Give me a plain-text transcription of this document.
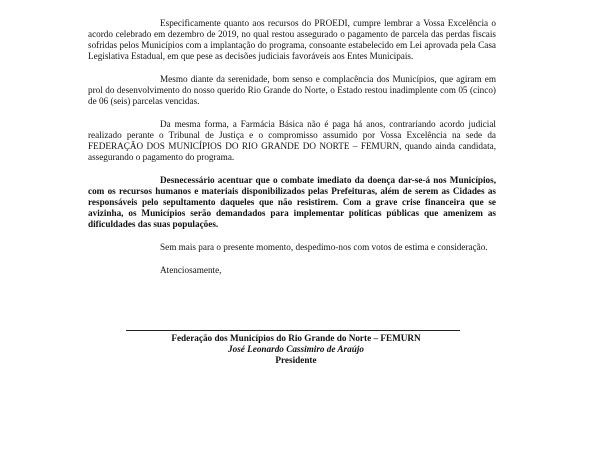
Especificamente quanto aos recursos do PROEDI, cumpre lembrar a Vossa Excelência o acordo celebrado em dezembro de 2019, no qual restou assegurado o pagamento de parcela das perdas fiscais sofridas pelos Municípios com a implantação do programa, consoante estabelecido em Lei aprovada pela Casa Legislativa Estadual, em que pese as decisões judiciais favoráveis aos Entes Municipais.

Mesmo diante da serenidade, bom senso e complacência dos Municípios, que agiram em prol do desenvolvimento do nosso querido Rio Grande do Norte, o Estado restou inadimplente com 05 (cinco) de 06 (seis) parcelas vencidas.

Da mesma forma, a Farmácia Básica não é paga há anos, contrariando acordo judicial realizado perante o Tribunal de Justiça e o compromisso assumido por Vossa Excelência na sede da FEDERAÇÃO DOS MUNICÍPIOS DO RIO GRANDE DO NORTE – FEMURN, quando ainda candidata, assegurando o pagamento do programa.

Desnecessário acentuar que o combate imediato da doença dar-se-á nos Municípios, com os recursos humanos e materiais disponibilizados pelas Prefeituras, além de serem as Cidades as responsáveis pelo sepultamento daqueles que não resistirem. Com a grave crise financeira que se avizinha, os Municípios serão demandados para implementar políticas públicas que amenizem as dificuldades das suas populações.

Sem mais para o presente momento, despedimo-nos com votos de estima e consideração.

Atenciosamente,

Federação dos Municípios do Rio Grande do Norte – FEMURN
José Leonardo Cassimiro de Araújo
Presidente
